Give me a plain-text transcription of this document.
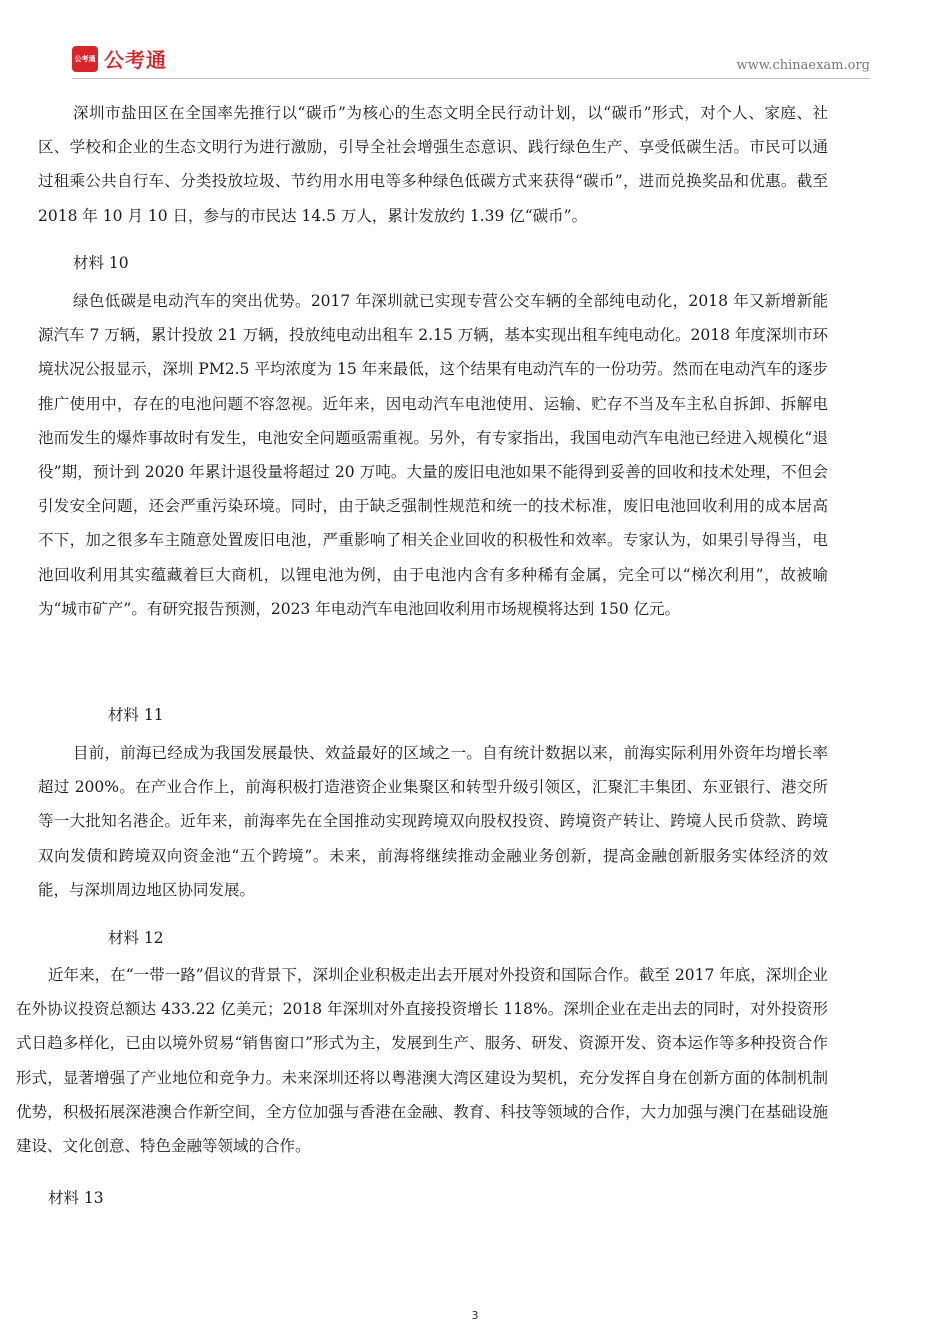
公考通 公考通	www.chinaexam.org
深圳市盐田区在全国率先推行以“碳币”为核心的生态文明全民行动计划，以“碳币”形式，对个人、家庭、社区、学校和企业的生态文明行为进行激励，引导全社会增强生态意识、践行绿色生产、享受低碳生活。市民可以通过租乘公共自行车、分类投放垃圾、节约用水用电等多种绿色低碳方式来获得“碳币”，进而兑换奖品和优惠。截至 2018 年 10 月 10 日，参与的市民达 14.5 万人，累计发放约 1.39 亿“碳币”。
材料 10
绿色低碳是电动汽车的突出优势。2017 年深圳就已实现专营公交车辆的全部纯电动化，2018 年又新增新能源汽车 7 万辆，累计投放 21 万辆，投放纯电动出租车 2.15 万辆，基本实现出租车纯电动化。2018 年度深圳市环境状况公报显示，深圳 PM2.5 平均浓度为 15 年来最低，这个结果有电动汽车的一份功劳。然而在电动汽车的逐步推广使用中，存在的电池问题不容忽视。近年来，因电动汽车电池使用、运输、贮存不当及车主私自拆卸、拆解电池而发生的爆炸事故时有发生，电池安全问题亟需重视。另外，有专家指出，我国电动汽车电池已经进入规模化“退役”期，预计到 2020 年累计退役量将超过 20 万吨。大量的废旧电池如果不能得到妥善的回收和技术处理，不但会引发安全问题，还会严重污染环境。同时，由于缺乏强制性规范和统一的技术标准，废旧电池回收利用的成本居高不下，加之很多车主随意处置废旧电池，严重影响了相关企业回收的积极性和效率。专家认为，如果引导得当，电池回收利用其实蕴藏着巨大商机，以锂电池为例，由于电池内含有多种稀有金属，完全可以“梯次利用”，故被喻为“城市矿产”。有研究报告预测，2023 年电动汽车电池回收利用市场规模将达到 150 亿元。
材料 11
目前，前海已经成为我国发展最快、效益最好的区域之一。自有统计数据以来，前海实际利用外资年均增长率超过 200%。在产业合作上，前海积极打造港资企业集聚区和转型升级引领区，汇聚汇丰集团、东亚银行、港交所等一大批知名港企。近年来，前海率先在全国推动实现跨境双向股权投资、跨境资产转让、跨境人民币贷款、跨境双向发债和跨境双向资金池“五个跨境”。未来，前海将继续推动金融业务创新，提高金融创新服务实体经济的效能，与深圳周边地区协同发展。
材料 12
近年来，在“一带一路”倡议的背景下，深圳企业积极走出去开展对外投资和国际合作。截至 2017 年底，深圳企业在外协议投资总额达 433.22 亿美元；2018 年深圳对外直接投资增长 118%。深圳企业在走出去的同时，对外投资形式日趋多样化，已由以境外贸易“销售窗口”形式为主，发展到生产、服务、研发、资源开发、资本运作等多种投资合作形式，显著增强了产业地位和竞争力。未来深圳还将以粤港澳大湾区建设为契机，充分发挥自身在创新方面的体制机制优势，积极拓展深港澳合作新空间，全方位加强与香港在金融、教育、科技等领域的合作，大力加强与澳门在基础设施建设、文化创意、特色金融等领域的合作。
材料 13
3
